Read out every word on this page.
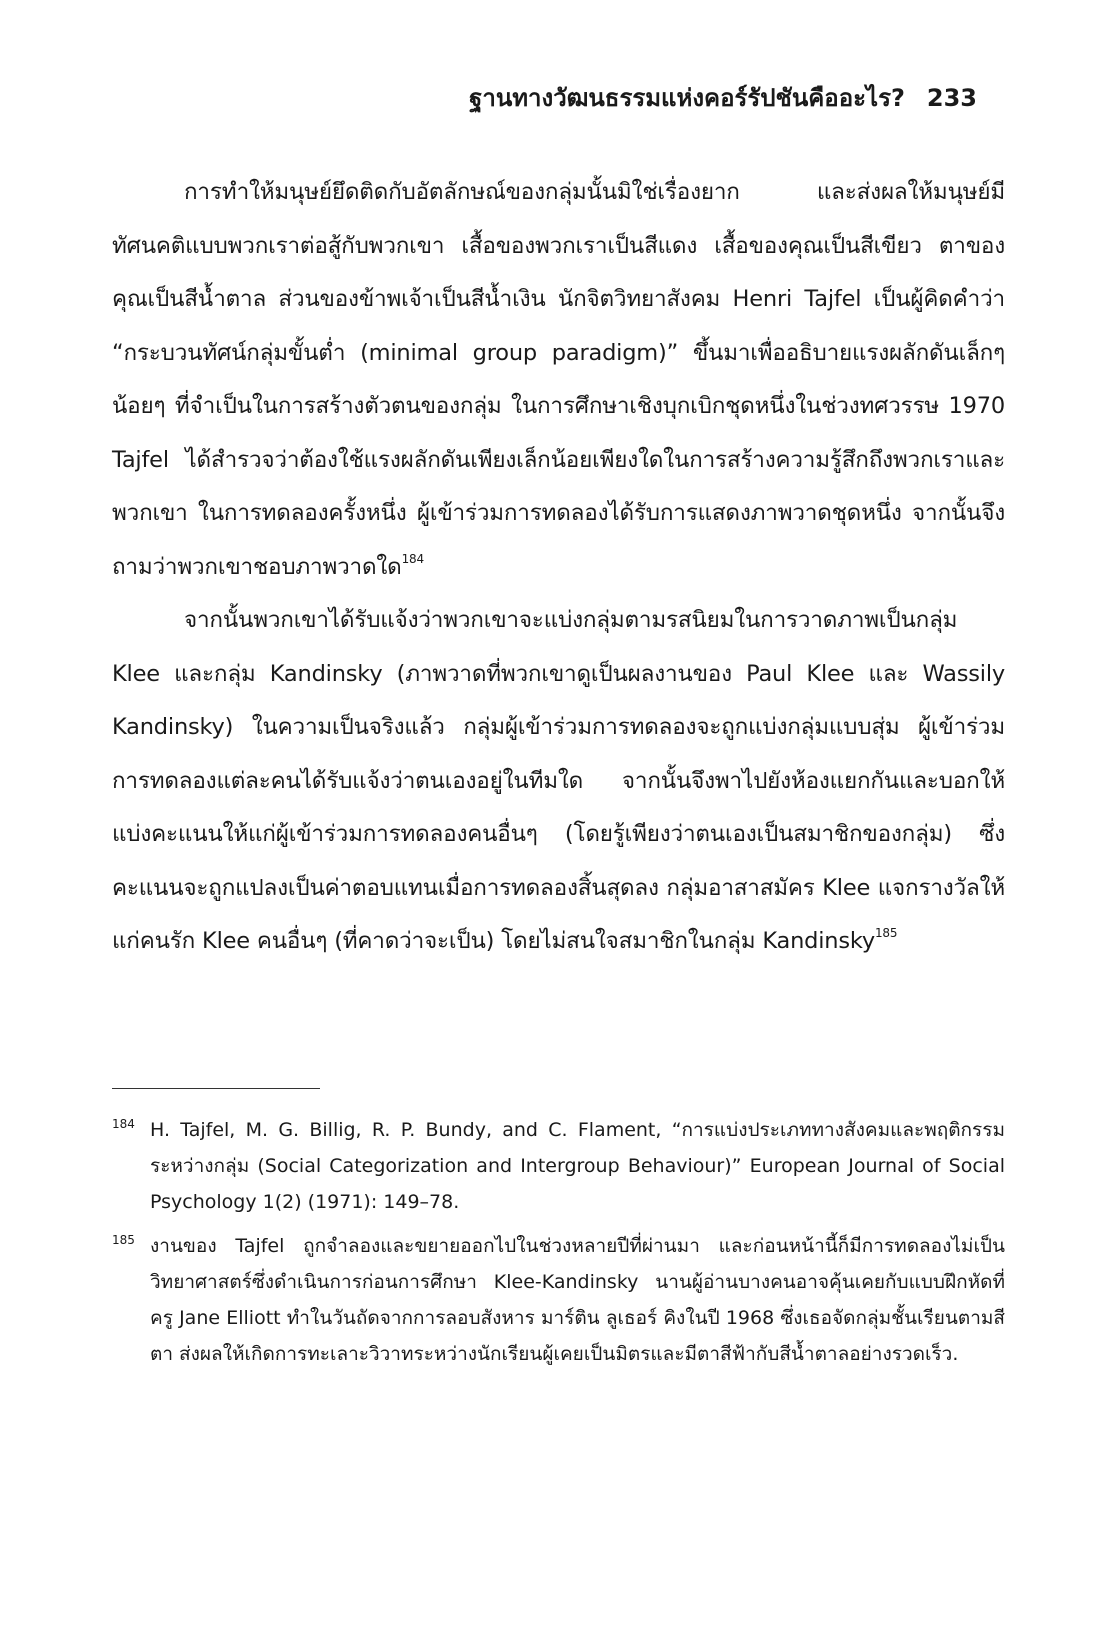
ฐานทางวัฒนธรรมแห่งคอร์รัปชันคืออะไร? 233

การทำให้มนุษย์ยึดติดกับอัตลักษณ์ของกลุ่มนั้นมิใช่เรื่องยาก และส่งผลให้มนุษย์มีทัศนคติแบบพวกเราต่อสู้กับพวกเขา เสื้อของพวกเราเป็นสีแดง เสื้อของคุณเป็นสีเขียว ตาของคุณเป็นสีน้ำตาล ส่วนของข้าพเจ้าเป็นสีน้ำเงิน นักจิตวิทยาสังคม Henri Tajfel เป็นผู้คิดคำว่า “กระบวนทัศน์กลุ่มขั้นต่ำ (minimal group paradigm)” ขึ้นมาเพื่ออธิบายแรงผลักดันเล็กๆ น้อยๆ ที่จำเป็นในการสร้างตัวตนของกลุ่ม ในการศึกษาเชิงบุกเบิกชุดหนึ่งในช่วงทศวรรษ 1970 Tajfel ได้สำรวจว่าต้องใช้แรงผลักดันเพียงเล็กน้อยเพียงใดในการสร้างความรู้สึกถึงพวกเราและพวกเขา ในการทดลองครั้งหนึ่ง ผู้เข้าร่วมการทดลองได้รับการแสดงภาพวาดชุดหนึ่ง จากนั้นจึงถามว่าพวกเขาชอบภาพวาดใด$^{184}$

จากนั้นพวกเขาได้รับแจ้งว่าพวกเขาจะแบ่งกลุ่มตามรสนิยมในการวาดภาพเป็นกลุ่ม Klee และกลุ่ม Kandinsky (ภาพวาดที่พวกเขาดูเป็นผลงานของ Paul Klee และ Wassily Kandinsky) ในความเป็นจริงแล้ว กลุ่มผู้เข้าร่วมการทดลองจะถูกแบ่งกลุ่มแบบสุ่ม ผู้เข้าร่วมการทดลองแต่ละคนได้รับแจ้งว่าตนเองอยู่ในทีมใด จากนั้นจึงพาไปยังห้องแยกกันและบอกให้แบ่งคะแนนให้แก่ผู้เข้าร่วมการทดลองคนอื่นๆ (โดยรู้เพียงว่าตนเองเป็นสมาชิกของกลุ่ม) ซึ่งคะแนนจะถูกแปลงเป็นค่าตอบแทนเมื่อการทดลองสิ้นสุดลง กลุ่มอาสาสมัคร Klee แจกรางวัลให้แก่คนรัก Klee คนอื่นๆ (ที่คาดว่าจะเป็น) โดยไม่สนใจสมาชิกในกลุ่ม Kandinsky$^{185}$

184 H. Tajfel, M. G. Billig, R. P. Bundy, and C. Flament, “การแบ่งประเภททางสังคมและพฤติกรรมระหว่างกลุ่ม (Social Categorization and Intergroup Behaviour)” European Journal of Social Psychology 1(2) (1971): 149–78.
185 งานของ Tajfel ถูกจำลองและขยายออกไปในช่วงหลายปีที่ผ่านมา และก่อนหน้านี้ก็มีการทดลองไม่เป็นวิทยาศาสตร์ซึ่งดำเนินการก่อนการศึกษา Klee-Kandinsky นานผู้อ่านบางคนอาจคุ้นเคยกับแบบฝึกหัดที่ครู Jane Elliott ทำในวันถัดจากการลอบสังหาร มาร์ติน ลูเธอร์ คิงในปี 1968 ซึ่งเธอจัดกลุ่มชั้นเรียนตามสีตา ส่งผลให้เกิดการทะเลาะวิวาทระหว่างนักเรียนผู้เคยเป็นมิตรและมีตาสีฟ้ากับสีน้ำตาลอย่างรวดเร็ว.
